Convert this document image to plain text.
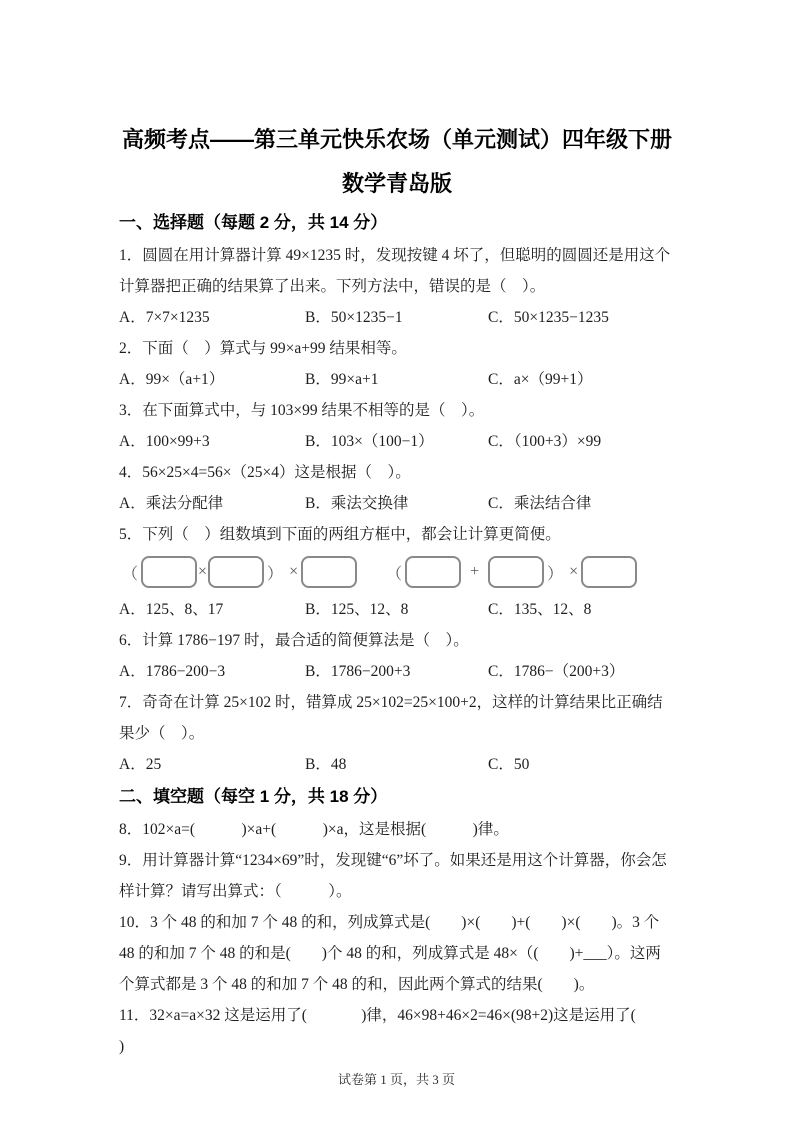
高频考点——第三单元快乐农场（单元测试）四年级下册数学青岛版
一、选择题（每题 2 分，共 14 分）

1．圆圆在用计算器计算 49×1235 时，发现按键 4 坏了，但聪明的圆圆还是用这个计算器把正确的结果算了出来。下列方法中，错误的是（    ）。

A．7×7×1235	B．50×1235−1	C．50×1235−1235

2．下面（    ）算式与 99×a+99 结果相等。

A．99×（a+1）	B．99×a+1	C．a×（99+1）

3．在下面算式中，与 103×99 结果不相等的是（    ）。

A．100×99+3	B．103×（100−1）	C．（100+3）×99

4．56×25×4=56×（25×4）这是根据（    ）。

A．乘法分配律	B．乘法交换律	C．乘法结合律

5．下列（    ）组数填到下面的两组方框中，都会让计算更简便。

（	×	） ×	（	+	） ×
A．125、8、17	B．125、12、8	C．135、12、8

6．计算 1786−197 时，最合适的简便算法是（    ）。

A．1786−200−3	B．1786−200+3	C．1786−（200+3）

7．奇奇在计算 25×102 时，错算成 25×102=25×100+2，这样的计算结果比正确结果少（    ）。

A．25	B．48	C．50
二、填空题（每空 1 分，共 18 分）

8．102×a=(            )×a+(            )×a，这是根据(            )律。

9．用计算器计算“1234×69”时，发现键“6”坏了。如果还是用这个计算器，你会怎样计算？请写出算式：（            ）。

10．3 个 48 的和加 7 个 48 的和，列成算式是(        )×(        )+(        )×(        )。3 个 48 的和加 7 个 48 的和是(        )个 48 的和，列成算式是 48×（(        )+___）。这两个算式都是 3 个 48 的和加 7 个 48 的和，因此两个算式的结果(        )。

11．32×a=a×32 这是运用了(              )律，46×98+46×2=46×(98+2)这是运用了(              )

试卷第 1 页，共 3 页
